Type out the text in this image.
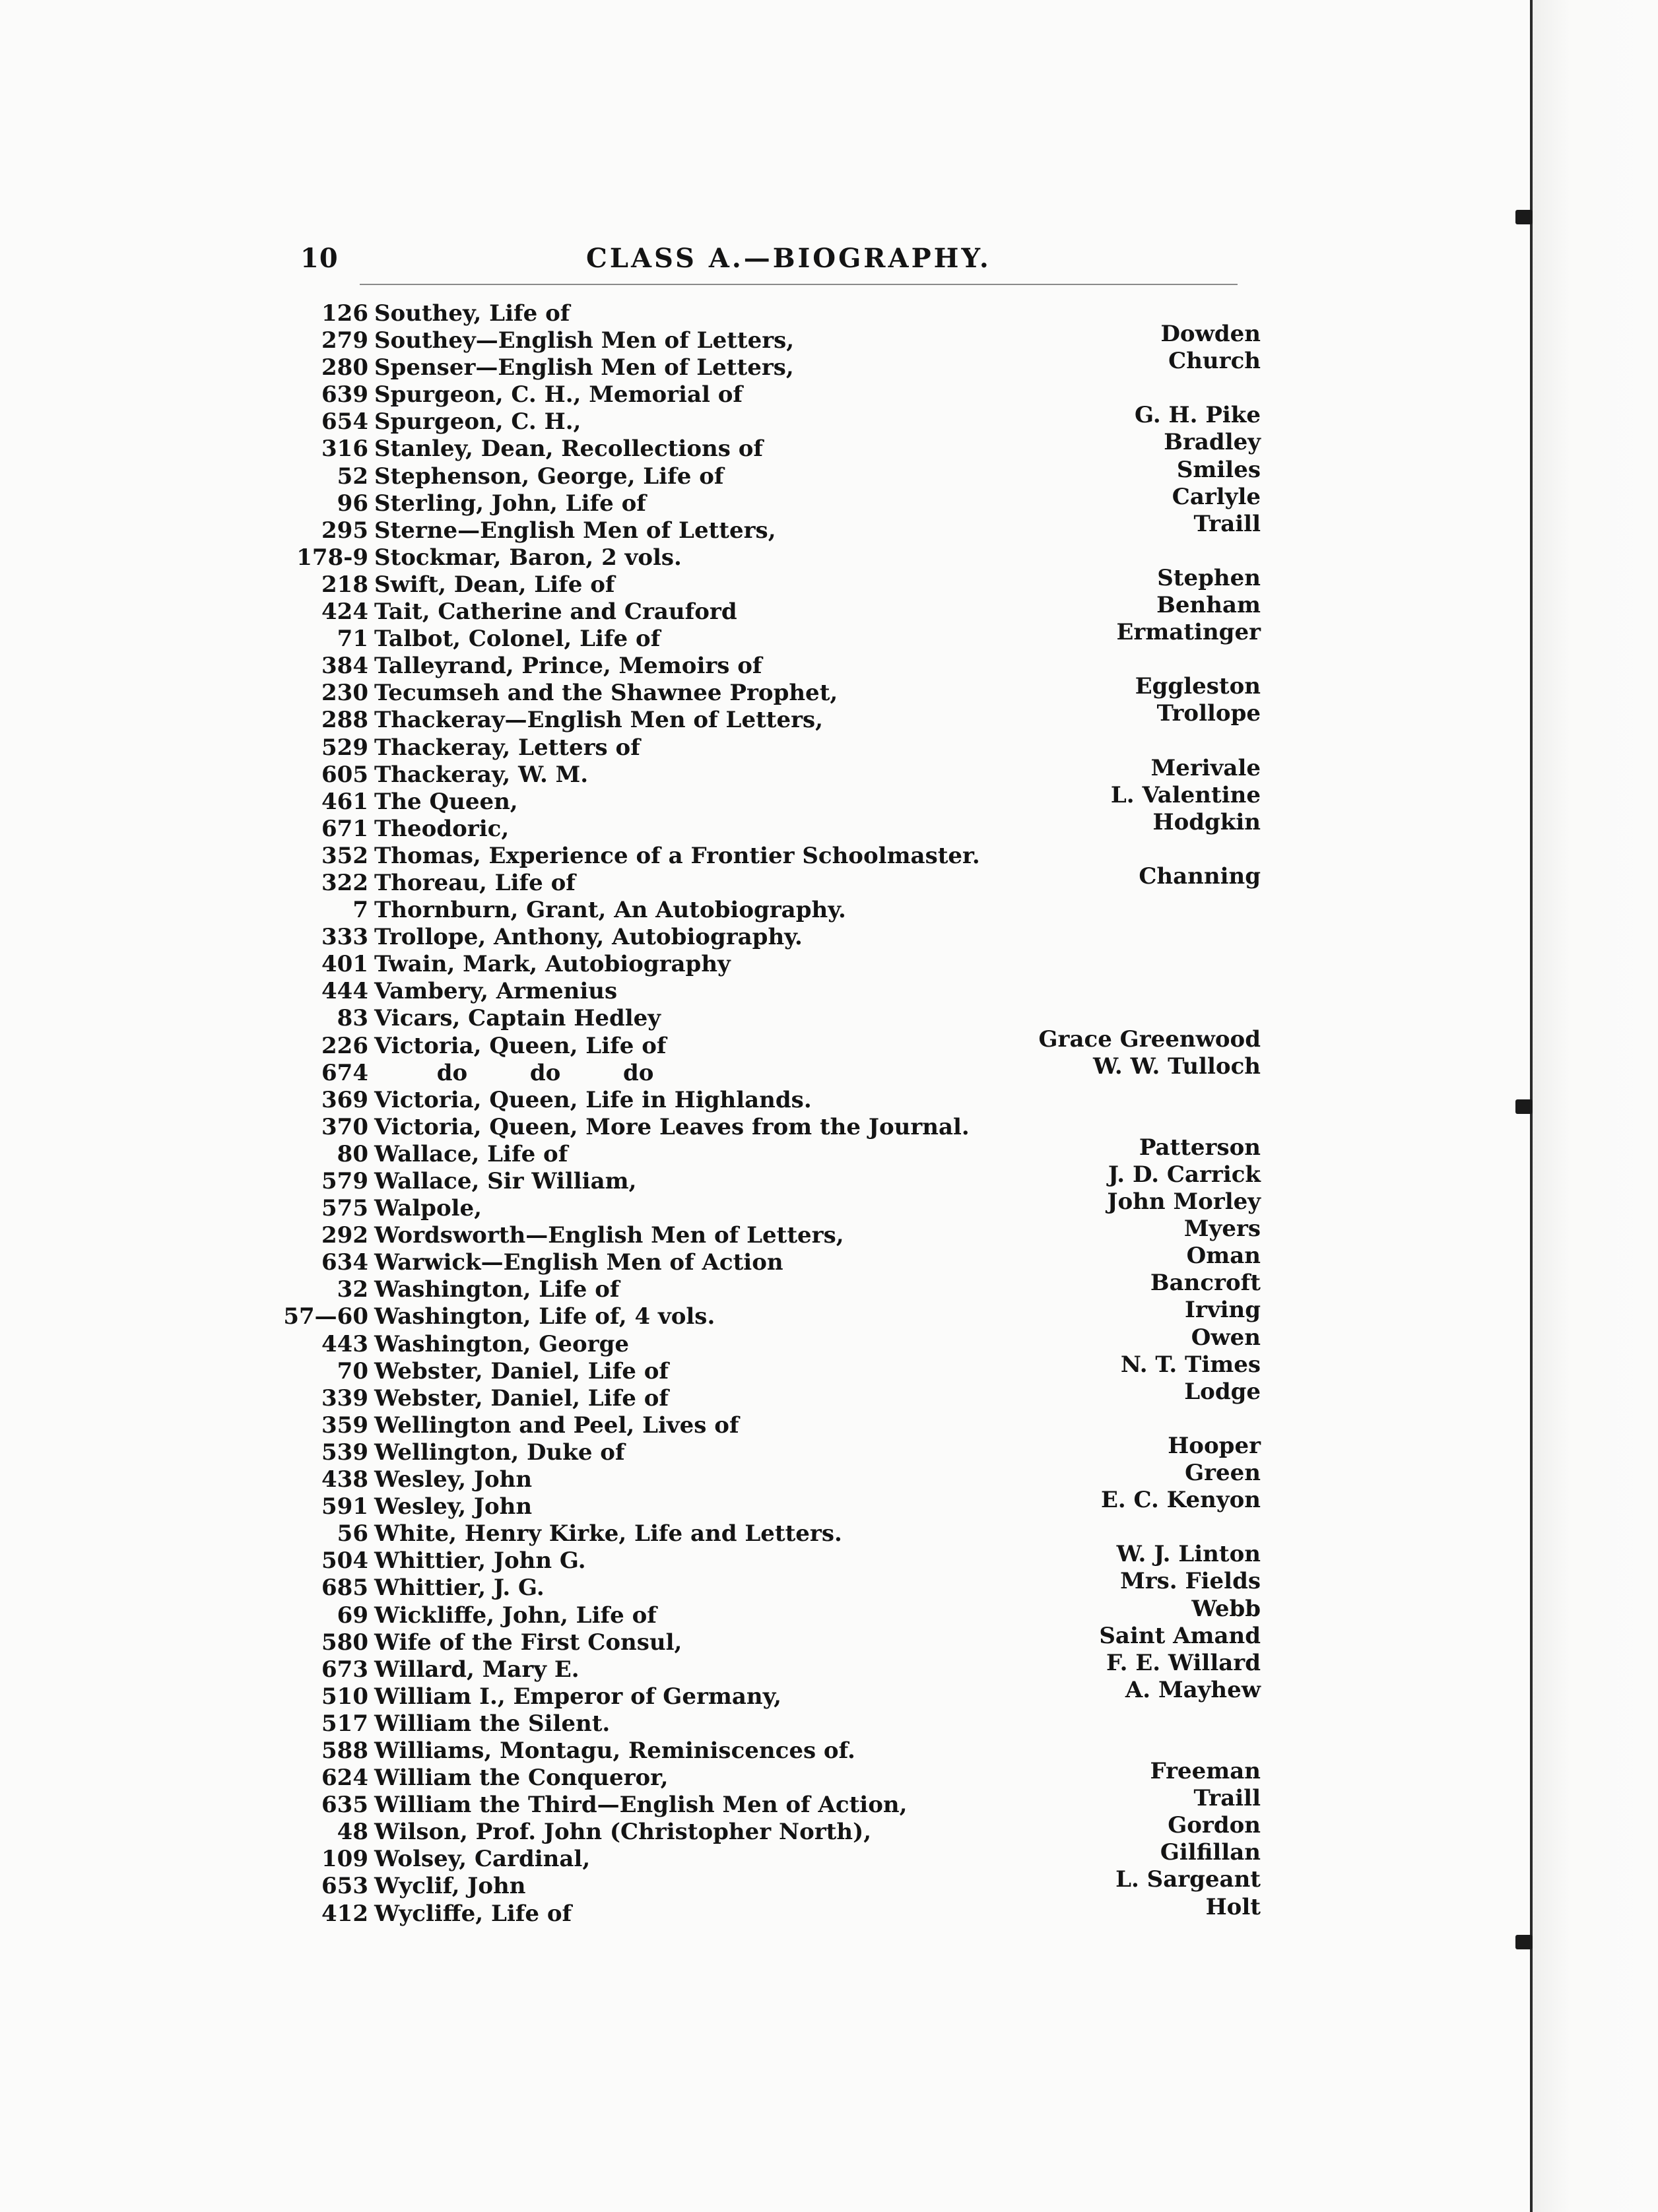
10	CLASS A.—BIOGRAPHY.
126 Southey, Life of
279 Southey—English Men of Letters,	Dowden
280 Spenser—English Men of Letters,	Church
639 Spurgeon, C. H., Memorial of
654 Spurgeon, C. H.,	G. H. Pike
316 Stanley, Dean, Recollections of	Bradley
52 Stephenson, George, Life of	Smiles
96 Sterling, John, Life of	Carlyle
295 Sterne—English Men of Letters,	Traill
178-9 Stockmar, Baron, 2 vols.
218 Swift, Dean, Life of	Stephen
424 Tait, Catherine and Crauford	Benham
71 Talbot, Colonel, Life of	Ermatinger
384 Talleyrand, Prince, Memoirs of
230 Tecumseh and the Shawnee Prophet,	Eggleston
288 Thackeray—English Men of Letters,	Trollope
529 Thackeray, Letters of
605 Thackeray, W. M.	Merivale
461 The Queen,	L. Valentine
671 Theodoric,	Hodgkin
352 Thomas, Experience of a Frontier Schoolmaster.
322 Thoreau, Life of	Channing
7 Thornburn, Grant, An Autobiography.
333 Trollope, Anthony, Autobiography.
401 Twain, Mark, Autobiography
444 Vambery, Armenius
83 Vicars, Captain Hedley
226 Victoria, Queen, Life of	Grace Greenwood
674 do        do        do	W. W. Tulloch
369 Victoria, Queen, Life in Highlands.
370 Victoria, Queen, More Leaves from the Journal.
80 Wallace, Life of	Patterson
579 Wallace, Sir William,	J. D. Carrick
575 Walpole,	John Morley
292 Wordsworth—English Men of Letters,	Myers
634 Warwick—English Men of Action	Oman
32 Washington, Life of	Bancroft
57—60 Washington, Life of, 4 vols.	Irving
443 Washington, George	Owen
70 Webster, Daniel, Life of	N. T. Times
339 Webster, Daniel, Life of	Lodge
359 Wellington and Peel, Lives of
539 Wellington, Duke of	Hooper
438 Wesley, John	Green
591 Wesley, John	E. C. Kenyon
56 White, Henry Kirke, Life and Letters.
504 Whittier, John G.	W. J. Linton
685 Whittier, J. G.	Mrs. Fields
69 Wickliffe, John, Life of	Webb
580 Wife of the First Consul,	Saint Amand
673 Willard, Mary E.	F. E. Willard
510 William I., Emperor of Germany,	A. Mayhew
517 William the Silent.
588 Williams, Montagu, Reminiscences of.
624 William the Conqueror,	Freeman
635 William the Third—English Men of Action,	Traill
48 Wilson, Prof. John (Christopher North),	Gordon
109 Wolsey, Cardinal,	Gilfillan
653 Wyclif, John	L. Sargeant
412 Wycliffe, Life of	Holt
